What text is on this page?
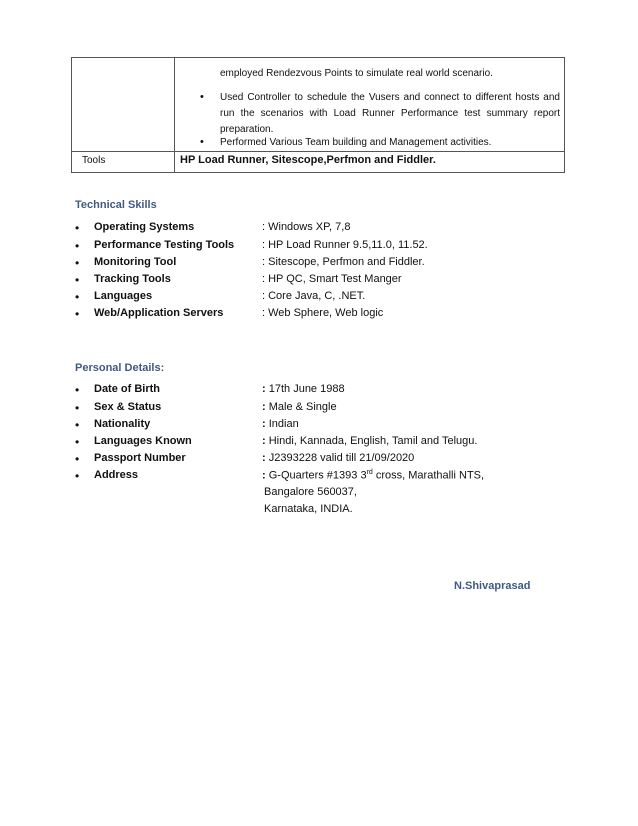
employed Rendezvous Points to simulate real world scenario.
• Used Controller to schedule the Vusers and connect to different hosts and run the scenarios with Load Runner Performance test summary report preparation.
• Performed Various Team building and Management activities.
Tools	HP Load Runner, Sitescope,Perfmon and Fiddler.
Technical Skills
• Operating Systems	: Windows XP, 7,8
• Performance Testing Tools	: HP Load Runner 9.5,11.0, 11.52.
• Monitoring Tool	: Sitescope, Perfmon and Fiddler.
• Tracking Tools	: HP QC, Smart Test Manger
• Languages	: Core Java, C, .NET.
• Web/Application Servers	: Web Sphere, Web logic
Personal Details:
• Date of Birth	: 17th June 1988
• Sex & Status	: Male & Single
• Nationality	: Indian
• Languages Known	: Hindi, Kannada, English, Tamil and Telugu.
• Passport Number	: J2393228 valid till 21/09/2020
• Address	: G-Quarters #1393 3rd cross, Marathalli NTS,
Bangalore 560037,
Karnataka, INDIA.
N.Shivaprasad
